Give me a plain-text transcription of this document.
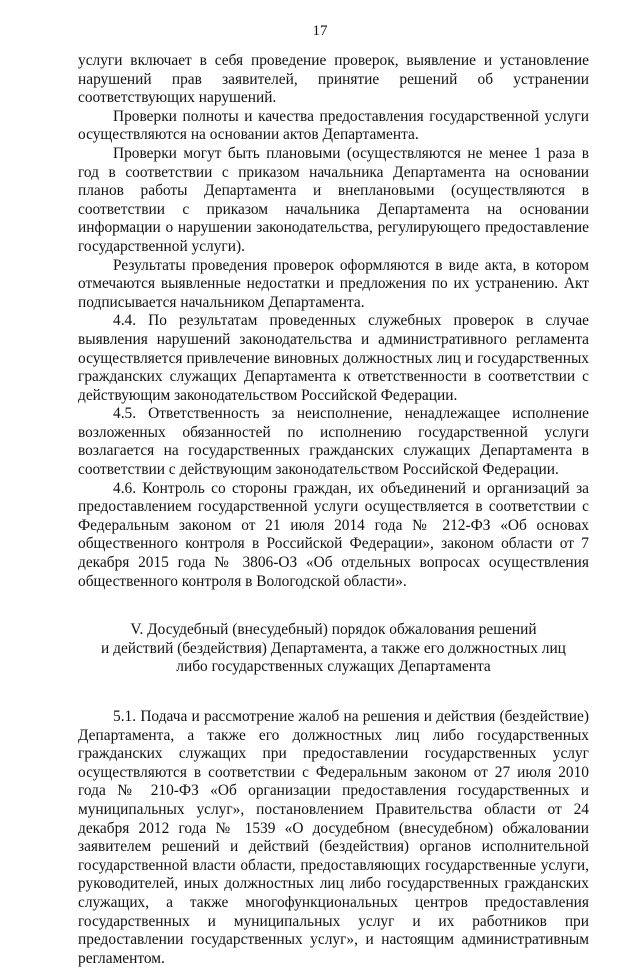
17

услуги включает в себя проведение проверок, выявление и установление нарушений прав заявителей, принятие решений об устранении соответствующих нарушений.

Проверки полноты и качества предоставления государственной услуги осуществляются на основании актов Департамента.

Проверки могут быть плановыми (осуществляются не менее 1 раза в год в соответствии с приказом начальника Департамента на основании планов работы Департамента и внеплановыми (осуществляются в соответствии с приказом начальника Департамента на основании информации о нарушении законодательства, регулирующего предоставление государственной услуги).

Результаты проведения проверок оформляются в виде акта, в котором отмечаются выявленные недостатки и предложения по их устранению. Акт подписывается начальником Департамента.

4.4. По результатам проведенных служебных проверок в случае выявления нарушений законодательства и административного регламента осуществляется привлечение виновных должностных лиц и государственных гражданских служащих Департамента к ответственности в соответствии с действующим законодательством Российской Федерации.

4.5. Ответственность за неисполнение, ненадлежащее исполнение возложенных обязанностей по исполнению государственной услуги возлагается на государственных гражданских служащих Департамента в соответствии с действующим законодательством Российской Федерации.

4.6. Контроль со стороны граждан, их объединений и организаций за предоставлением государственной услуги осуществляется в соответствии с Федеральным законом от 21 июля 2014 года № 212-ФЗ «Об основах общественного контроля в Российской Федерации», законом области от 7 декабря 2015 года № 3806-ОЗ «Об отдельных вопросах осуществления общественного контроля в Вологодской области».

V. Досудебный (внесудебный) порядок обжалования решений
и действий (бездействия) Департамента, а также его должностных лиц
либо государственных служащих Департамента

5.1. Подача и рассмотрение жалоб на решения и действия (бездействие) Департамента, а также его должностных лиц либо государственных гражданских служащих при предоставлении государственных услуг осуществляются в соответствии с Федеральным законом от 27 июля 2010 года № 210-ФЗ «Об организации предоставления государственных и муниципальных услуг», постановлением Правительства области от 24 декабря 2012 года № 1539 «О досудебном (внесудебном) обжаловании заявителем решений и действий (бездействия) органов исполнительной государственной власти области, предоставляющих государственные услуги, руководителей, иных должностных лиц либо государственных гражданских служащих, а также многофункциональных центров предоставления государственных и муниципальных услуг и их работников при предоставлении государственных услуг», и настоящим административным регламентом.
